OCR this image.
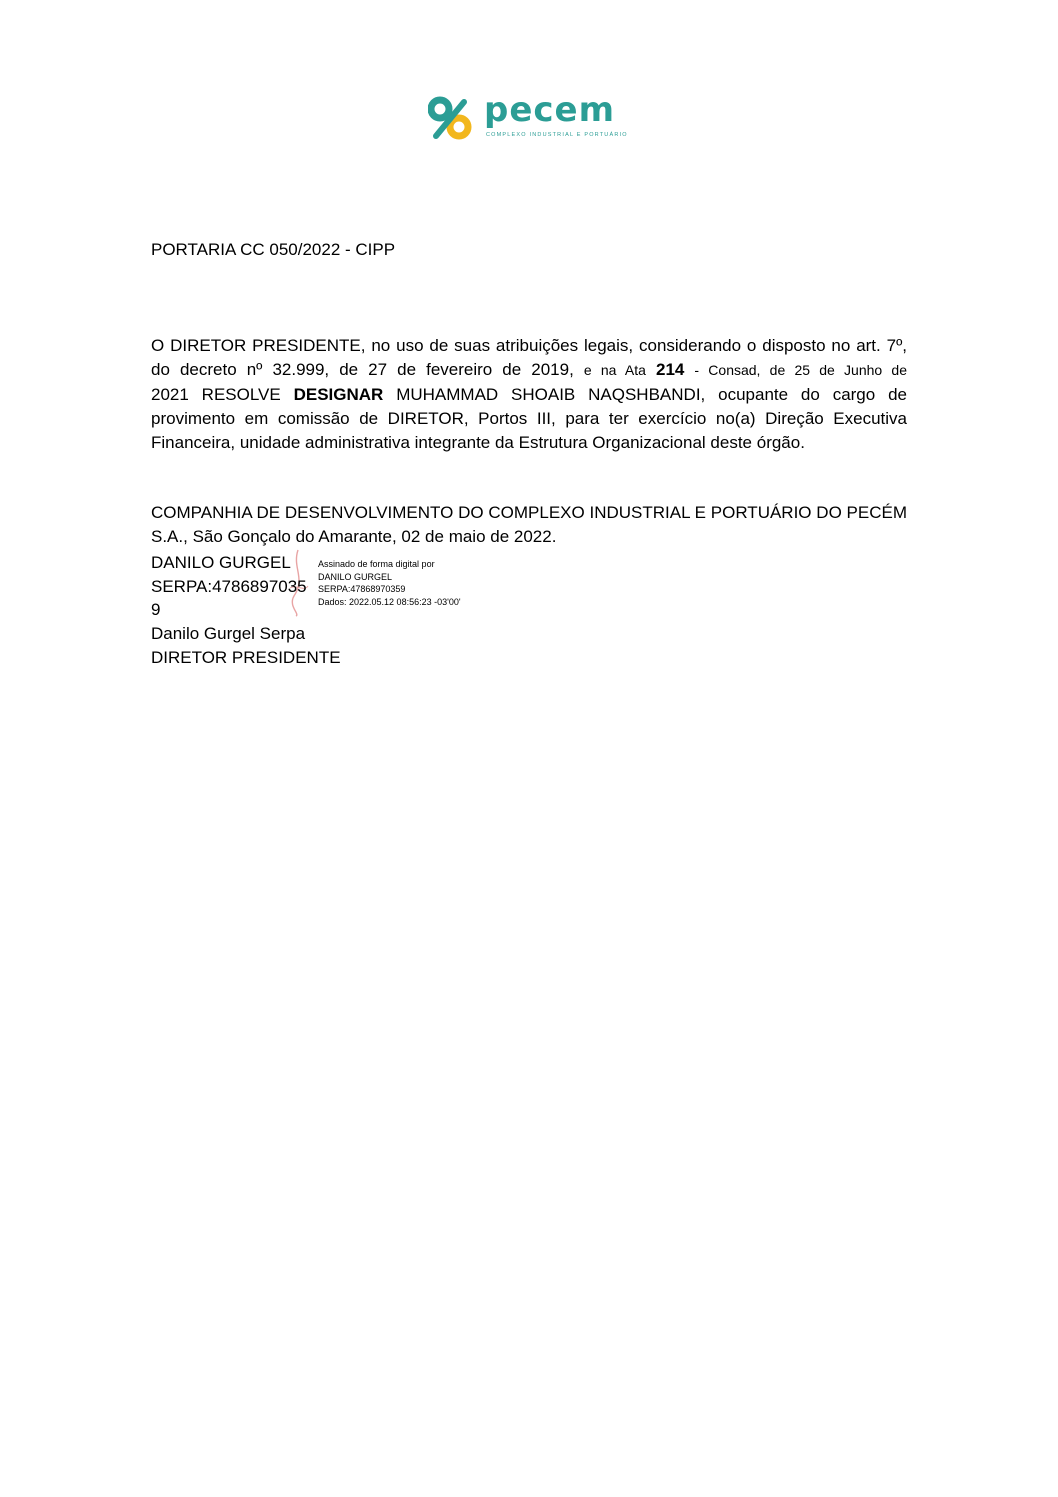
pecem
COMPLEXO INDUSTRIAL E PORTUÁRIO
PORTARIA CC 050/2022 - CIPP
O DIRETOR PRESIDENTE, no uso de suas atribuições legais, considerando o disposto no art. 7º,
do decreto nº 32.999, de 27 de fevereiro de 2019, e na Ata 214 - Consad, de 25 de Junho de
2021 RESOLVE DESIGNAR MUHAMMAD SHOAIB NAQSHBANDI, ocupante do cargo de
provimento em comissão de DIRETOR, Portos III, para ter exercício no(a) Direção Executiva
Financeira, unidade administrativa integrante da Estrutura Organizacional deste órgão.
COMPANHIA DE DESENVOLVIMENTO DO COMPLEXO INDUSTRIAL E PORTUÁRIO DO PECÉM
S.A., São Gonçalo do Amarante, 02 de maio de 2022.
DANILO GURGEL
SERPA:4786897035
9
Danilo Gurgel Serpa
DIRETOR PRESIDENTE
Assinado de forma digital por
DANILO GURGEL
SERPA:47868970359
Dados: 2022.05.12 08:56:23 -03'00'
